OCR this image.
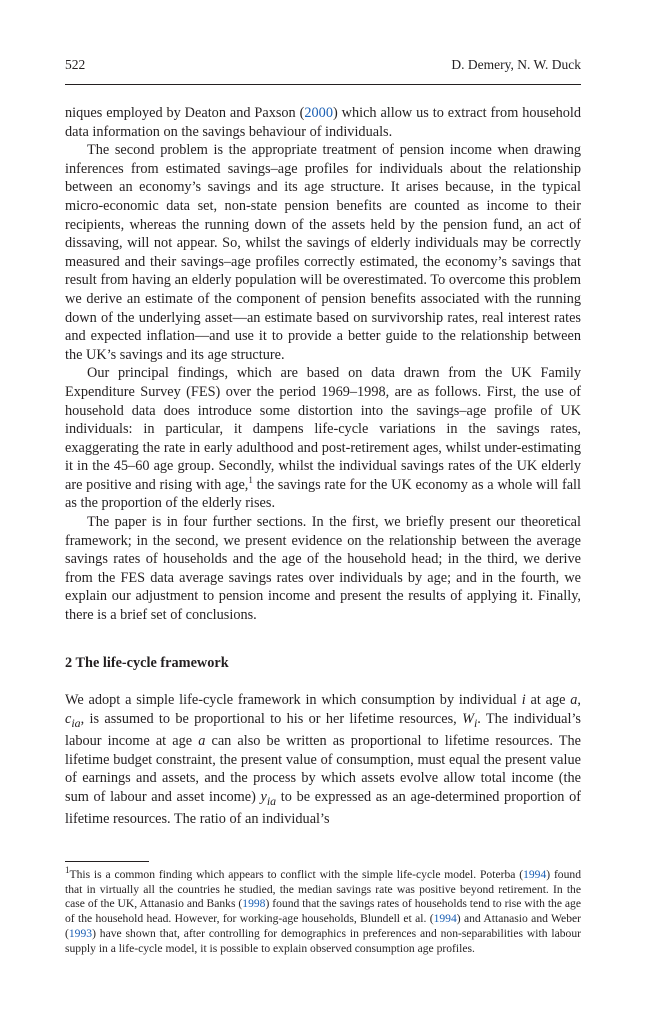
522	D. Demery, N. W. Duck

niques employed by Deaton and Paxson (2000) which allow us to extract from household data information on the savings behaviour of individuals.

The second problem is the appropriate treatment of pension income when drawing inferences from estimated savings–age profiles for individuals about the relationship between an economy’s savings and its age structure. It arises because, in the typical micro-economic data set, non-state pension benefits are counted as income to their recipients, whereas the running down of the assets held by the pension fund, an act of dissaving, will not appear. So, whilst the savings of elderly individuals may be correctly measured and their savings–age profiles correctly estimated, the economy’s savings that result from having an elderly population will be overestimated. To overcome this problem we derive an estimate of the component of pension benefits associated with the running down of the underlying asset—an estimate based on survivorship rates, real interest rates and expected inflation—and use it to provide a better guide to the relationship between the UK’s savings and its age structure.

Our principal findings, which are based on data drawn from the UK Family Expenditure Survey (FES) over the period 1969–1998, are as follows. First, the use of household data does introduce some distortion into the savings–age profile of UK individuals: in particular, it dampens life-cycle variations in the savings rates, exaggerating the rate in early adulthood and post-retirement ages, whilst under-estimating it in the 45–60 age group. Secondly, whilst the individual savings rates of the UK elderly are positive and rising with age,$^1$ the savings rate for the UK economy as a whole will fall as the proportion of the elderly rises.

The paper is in four further sections. In the first, we briefly present our theoretical framework; in the second, we present evidence on the relationship between the average savings rates of households and the age of the household head; in the third, we derive from the FES data average savings rates over individuals by age; and in the fourth, we explain our adjustment to pension income and present the results of applying it. Finally, there is a brief set of conclusions.

2 The life-cycle framework

We adopt a simple life-cycle framework in which consumption by individual i at age a, $c_{ia}$, is assumed to be proportional to his or her lifetime resources, $W_i$. The individual’s labour income at age a can also be written as proportional to lifetime resources. The lifetime budget constraint, the present value of consumption, must equal the present value of earnings and assets, and the process by which assets evolve allow total income (the sum of labour and asset income) $y_{ia}$ to be expressed as an age-determined proportion of lifetime resources. The ratio of an individual’s

$^1$This is a common finding which appears to conflict with the simple life-cycle model. Poterba (1994) found that in virtually all the countries he studied, the median savings rate was positive beyond retirement. In the case of the UK, Attanasio and Banks (1998) found that the savings rates of households tend to rise with the age of the household head. However, for working-age households, Blundell et al. (1994) and Attanasio and Weber (1993) have shown that, after controlling for demographics in preferences and non-separabilities with labour supply in a life-cycle model, it is possible to explain observed consumption age profiles.
